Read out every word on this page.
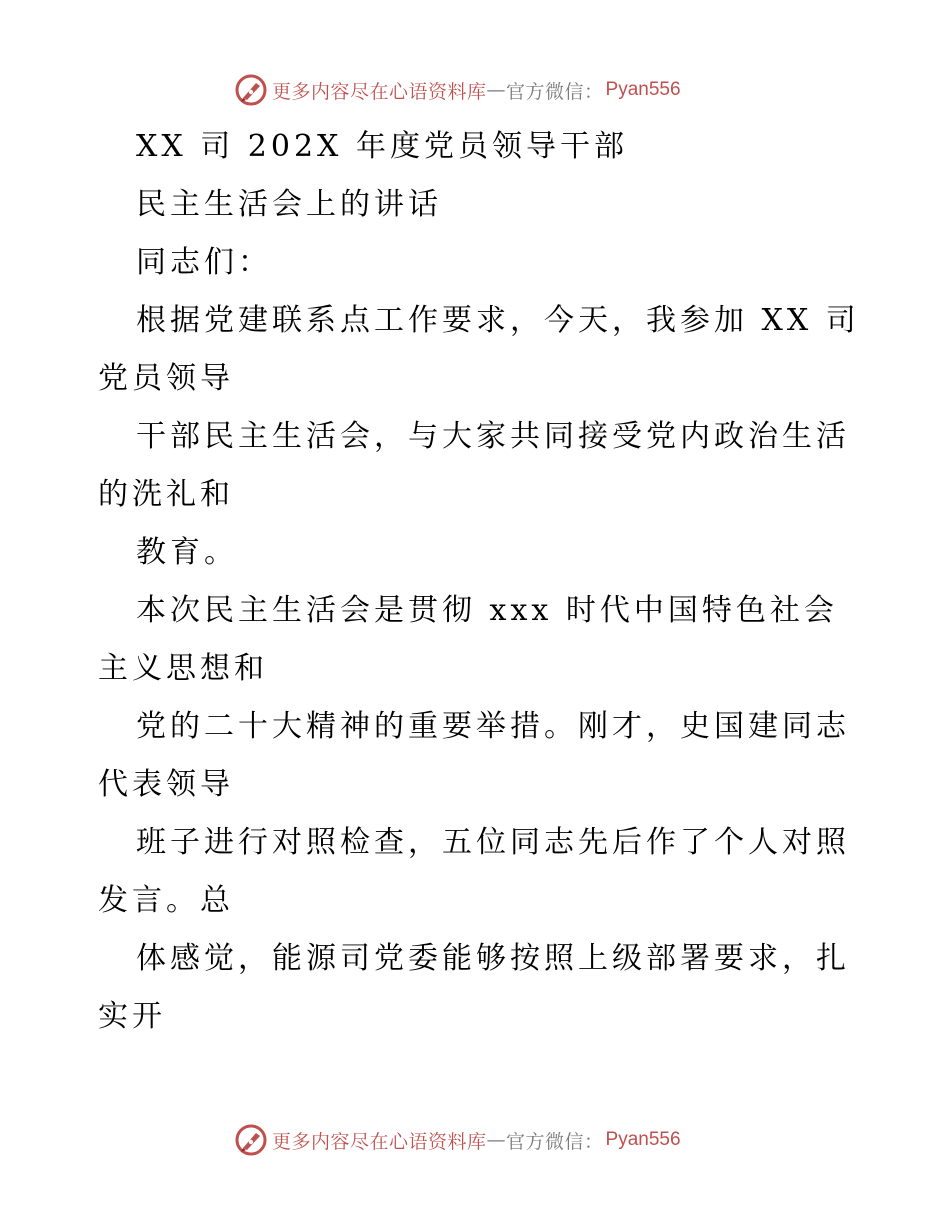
更多内容尽在心语资料库 — 官方微信： Pyan556
XX 司 202X 年度党员领导干部
民主生活会上的讲话
同志们：
根据党建联系点工作要求，今天，我参加 XX 司
党员领导
干部民主生活会，与大家共同接受党内政治生活
的洗礼和
教育。
本次民主生活会是贯彻 xxx 时代中国特色社会
主义思想和
党的二十大精神的重要举措。刚才，史国建同志
代表领导
班子进行对照检查，五位同志先后作了个人对照
发言。总
体感觉，能源司党委能够按照上级部署要求，扎
实开
更多内容尽在心语资料库 — 官方微信： Pyan556
